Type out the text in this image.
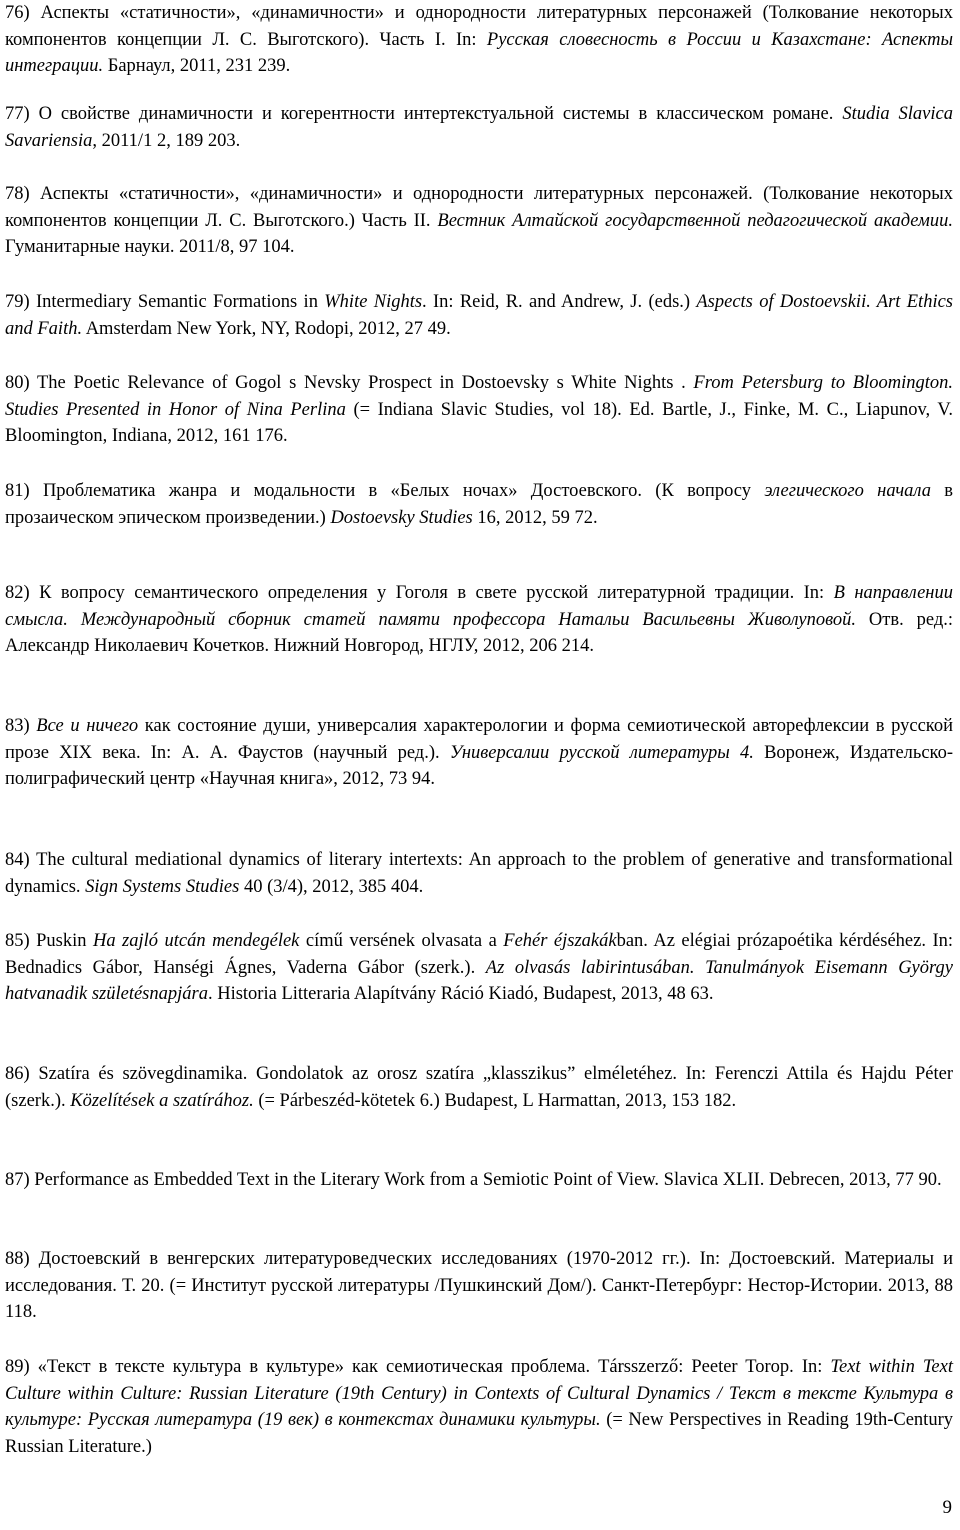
76) Аспекты «статичности», «динамичности» и однородности литературных персонажей (Толкование некоторых компонентов концепции Л. С. Выготского). Часть I. In: Русская словесность в России и Казахстане: Аспекты интеграции. Барнаул, 2011, 231 239.

77) О свойстве динамичности и когерентности интертекстуальной системы в классическом романе. Studia Slavica Savariensia, 2011/1 2, 189 203.

78) Аспекты «статичности», «динамичности» и однородности литературных персонажей. (Толкование некоторых компонентов концепции Л. С. Выготского.) Часть II. Вестник Алтайской государственной педагогической академии. Гуманитарные науки. 2011/8, 97 104.

79) Intermediary Semantic Formations in White Nights. In: Reid, R. and Andrew, J. (eds.) Aspects of Dostoevskii. Art Ethics and Faith. Amsterdam New York, NY, Rodopi, 2012, 27 49.

80) The Poetic Relevance of Gogol s Nevsky Prospect in Dostoevsky s White Nights . From Petersburg to Bloomington. Studies Presented in Honor of Nina Perlina (= Indiana Slavic Studies, vol 18). Ed. Bartle, J., Finke, M. C., Liapunov, V. Bloomington, Indiana, 2012, 161 176.

81) Проблематика жанра и модальности в «Белых ночах» Достоевского. (К вопросу элегического начала в прозаическом эпическом произведении.) Dostoevsky Studies 16, 2012, 59 72.

82) К вопросу семантического определения у Гоголя в свете русской литературной традиции. In: В направлении смысла. Международный сборник статей памяти профессора Натальи Васильевны Живолуповой. Отв. ред.: Александр Николаевич Кочетков. Нижний Новгород, НГЛУ, 2012, 206 214.

83) Все и ничего как состояние души, универсалия характерологии и форма семиотической авторефлексии в русской прозе XIX века. In: А. А. Фаустов (научный ред.). Универсалии русской литературы 4. Воронеж, Издательско-полиграфический центр «Научная книга», 2012, 73 94.

84) The cultural mediational dynamics of literary intertexts: An approach to the problem of generative and transformational dynamics. Sign Systems Studies 40 (3/4), 2012, 385 404.

85) Puskin Ha zajló utcán mendegélek című versének olvasata a Fehér éjszakákban. Az elégiai prózapoétika kérdéséhez. In: Bednadics Gábor, Hanségi Ágnes, Vaderna Gábor (szerk.). Az olvasás labirintusában. Tanulmányok Eisemann György hatvanadik születésnapjára. Historia Litteraria Alapítvány Ráció Kiadó, Budapest, 2013, 48 63.

86) Szatíra és szövegdinamika. Gondolatok az orosz szatíra „klasszikus” elméletéhez. In: Ferenczi Attila és Hajdu Péter (szerk.). Közelítések a szatírához. (= Párbeszéd-kötetek 6.) Budapest, L Harmattan, 2013, 153 182.

87) Performance as Embedded Text in the Literary Work from a Semiotic Point of View. Slavica XLII. Debrecen, 2013, 77 90.

88) Достоевский в венгерских литературоведческих исследованиях (1970-2012 гг.). In: Достоевский. Материалы и исследования. Т. 20. (= Институт русской литературы /Пушкинский Дом/). Санкт-Петербург: Нестор-Истории. 2013, 88 118.

89) «Текст в тексте культура в культуре» как семиотическая проблема. Társszerző: Peeter Torop. In: Text within Text Culture within Culture: Russian Literature (19th Century) in Contexts of Cultural Dynamics / Текст в тексте Культура в культуре: Русская литература (19 век) в контекстах динамики культуры. (= New Perspectives in Reading 19th-Century Russian Literature.)

9
